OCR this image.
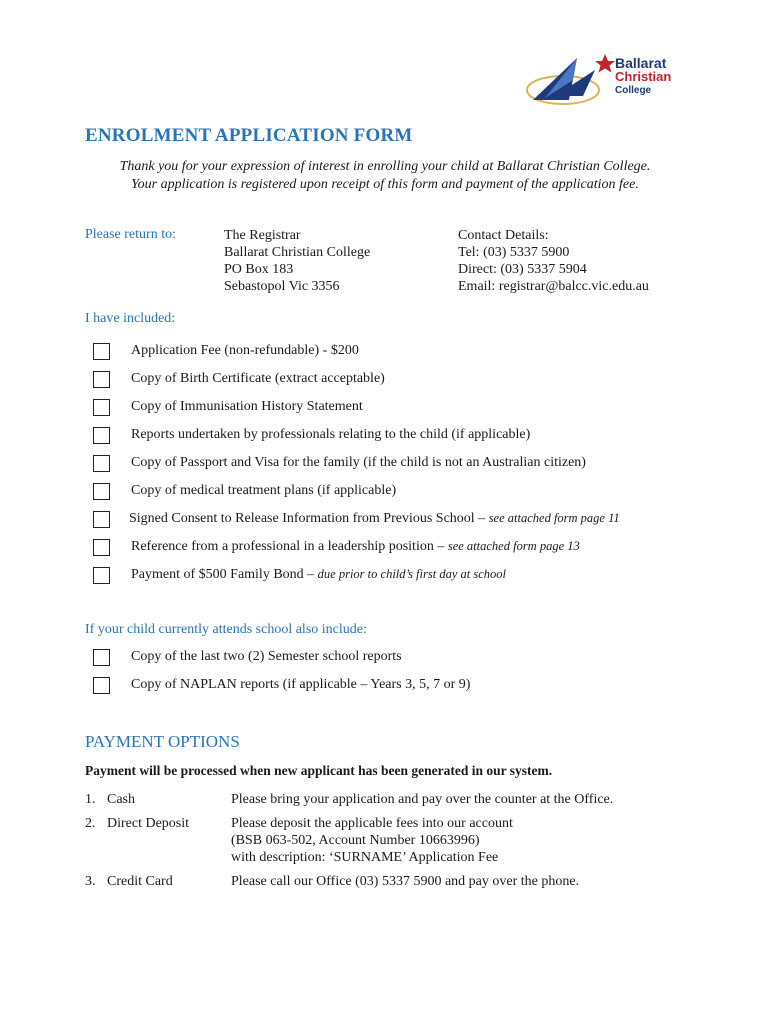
Ballarat
Christian
College
ENROLMENT APPLICATION FORM
Thank you for your expression of interest in enrolling your child at Ballarat Christian College.
Your application is registered upon receipt of this form and payment of the application fee.
Please return to:	The Registrar
Ballarat Christian College
PO Box 183
Sebastopol Vic 3356
Contact Details:
Tel: (03) 5337 5900
Direct: (03) 5337 5904
Email: registrar@balcc.vic.edu.au
I have included:
Application Fee (non-refundable) - $200
Copy of Birth Certificate (extract acceptable)
Copy of Immunisation History Statement
Reports undertaken by professionals relating to the child (if applicable)
Copy of Passport and Visa for the family (if the child is not an Australian citizen)
Copy of medical treatment plans (if applicable)
Signed Consent to Release Information from Previous School – see attached form page 11
Reference from a professional in a leadership position – see attached form page 13
Payment of $500 Family Bond – due prior to child’s first day at school
If your child currently attends school also include:
Copy of the last two (2) Semester school reports
Copy of NAPLAN reports (if applicable – Years 3, 5, 7 or 9)
PAYMENT OPTIONS
Payment will be processed when new applicant has been generated in our system.
1. Cash	Please bring your application and pay over the counter at the Office.
2. Direct Deposit	Please deposit the applicable fees into our account
(BSB 063-502, Account Number 10663996)
with description: ‘SURNAME’ Application Fee
3. Credit Card	Please call our Office (03) 5337 5900 and pay over the phone.
